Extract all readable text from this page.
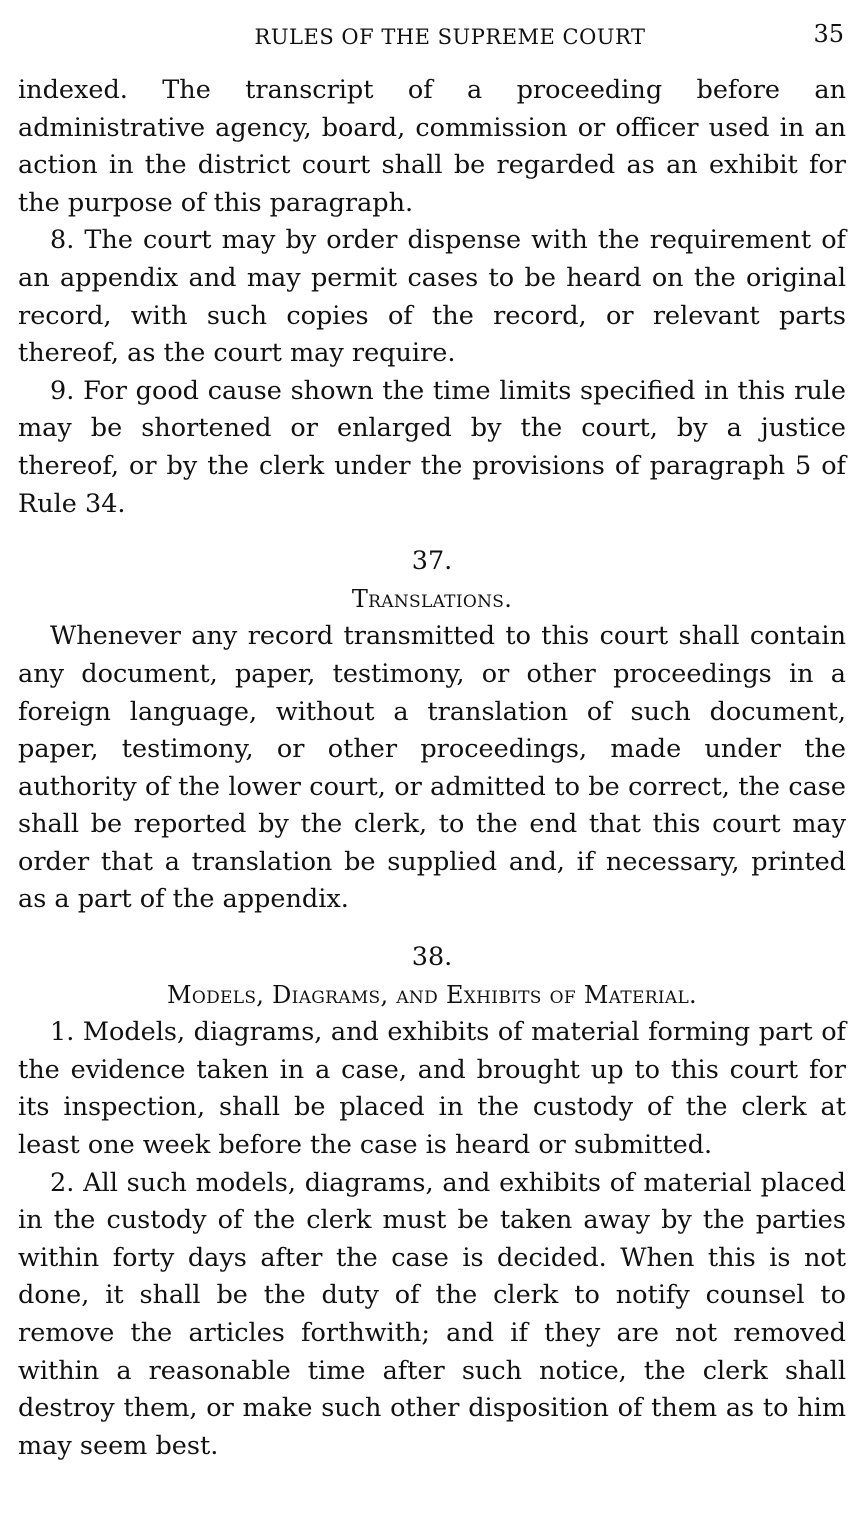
RULES OF THE SUPREME COURT	35

indexed. The transcript of a proceeding before an administrative agency, board, commission or officer used in an action in the district court shall be regarded as an exhibit for the purpose of this paragraph.

8. The court may by order dispense with the requirement of an appendix and may permit cases to be heard on the original record, with such copies of the record, or relevant parts thereof, as the court may require.

9. For good cause shown the time limits specified in this rule may be shortened or enlarged by the court, by a justice thereof, or by the clerk under the provisions of paragraph 5 of Rule 34.

37.
Translations.

Whenever any record transmitted to this court shall contain any document, paper, testimony, or other proceedings in a foreign language, without a translation of such document, paper, testimony, or other proceedings, made under the authority of the lower court, or admitted to be correct, the case shall be reported by the clerk, to the end that this court may order that a translation be supplied and, if necessary, printed as a part of the appendix.

38.
Models, Diagrams, and Exhibits of Material.

1. Models, diagrams, and exhibits of material forming part of the evidence taken in a case, and brought up to this court for its inspection, shall be placed in the custody of the clerk at least one week before the case is heard or submitted.

2. All such models, diagrams, and exhibits of material placed in the custody of the clerk must be taken away by the parties within forty days after the case is decided. When this is not done, it shall be the duty of the clerk to notify counsel to remove the articles forthwith; and if they are not removed within a reasonable time after such notice, the clerk shall destroy them, or make such other disposition of them as to him may seem best.
